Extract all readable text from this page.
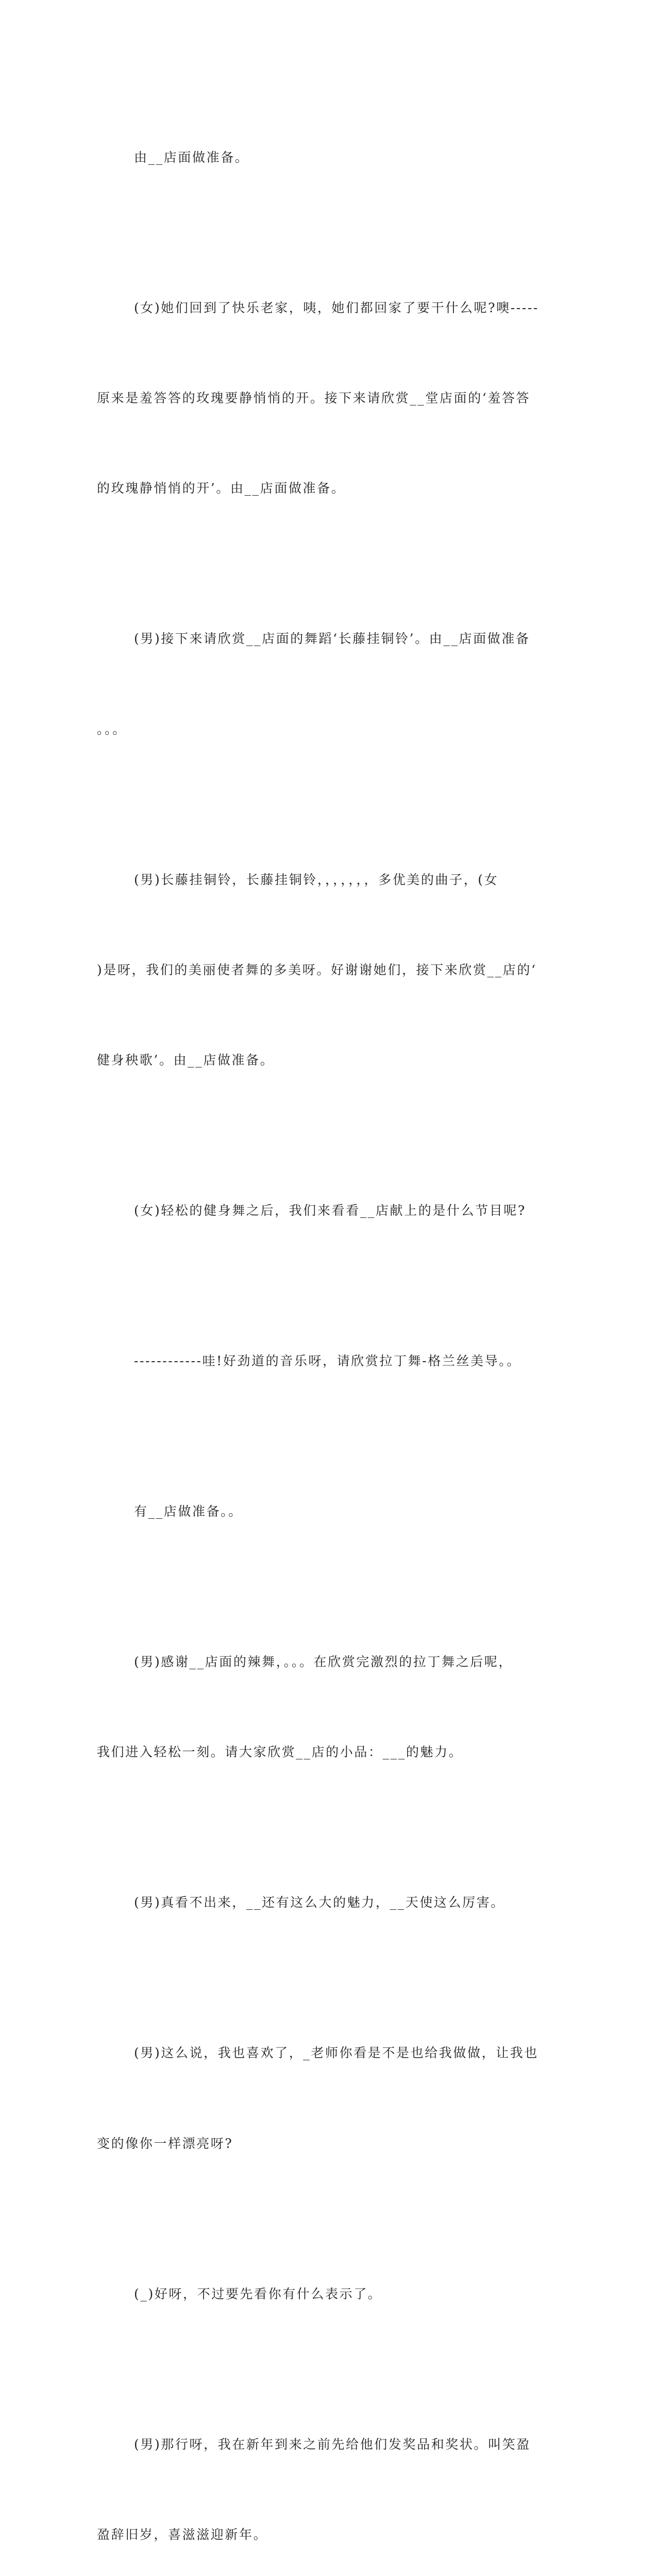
由__店面做准备。

(女)她们回到了快乐老家，咦，她们都回家了要干什么呢?噢-----

原来是羞答答的玫瑰要静悄悄的开。接下来请欣赏__堂店面的‘羞答答

的玫瑰静悄悄的开’。由__店面做准备。

(男)接下来请欣赏__店面的舞蹈‘长藤挂铜铃’。由__店面做准备

。。。

(男)长藤挂铜铃，长藤挂铜铃，，，，，，，多优美的曲子，(女

)是呀，我们的美丽使者舞的多美呀。好谢谢她们，接下来欣赏__店的‘

健身秧歌’。由__店做准备。

(女)轻松的健身舞之后，我们来看看__店献上的是什么节目呢?

------------哇!好劲道的音乐呀，请欣赏拉丁舞-格兰丝美导。。

有__店做准备。。

(男)感谢__店面的辣舞，。。。在欣赏完激烈的拉丁舞之后呢，

我们进入轻松一刻。请大家欣赏__店的小品：___的魅力。

(男)真看不出来，__还有这么大的魅力，__天使这么厉害。

(男)这么说，我也喜欢了，_老师你看是不是也给我做做，让我也

变的像你一样漂亮呀?

(_)好呀，不过要先看你有什么表示了。

(男)那行呀，我在新年到来之前先给他们发奖品和奖状。叫笑盈

盈辞旧岁，喜滋滋迎新年。
